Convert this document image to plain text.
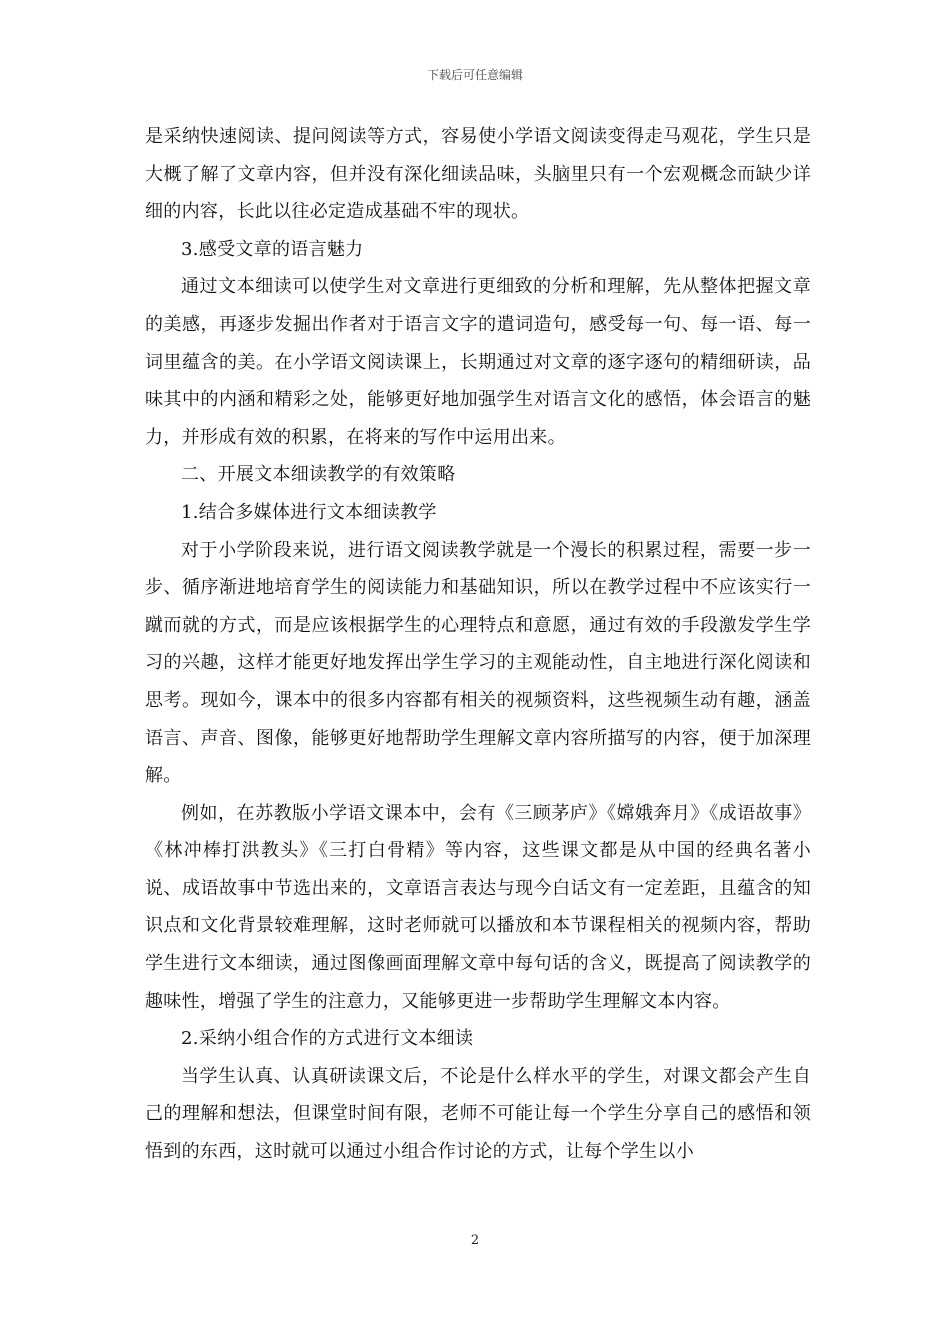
下载后可任意编辑

是采纳快速阅读、提问阅读等方式，容易使小学语文阅读变得走马观花，学生只是大概了解了文章内容，但并没有深化细读品味，头脑里只有一个宏观概念而缺少详细的内容，长此以往必定造成基础不牢的现状。

3.感受文章的语言魅力

通过文本细读可以使学生对文章进行更细致的分析和理解，先从整体把握文章的美感，再逐步发掘出作者对于语言文字的遣词造句，感受每一句、每一语、每一词里蕴含的美。在小学语文阅读课上，长期通过对文章的逐字逐句的精细研读，品味其中的内涵和精彩之处，能够更好地加强学生对语言文化的感悟，体会语言的魅力，并形成有效的积累，在将来的写作中运用出来。

二、开展文本细读教学的有效策略

1.结合多媒体进行文本细读教学

对于小学阶段来说，进行语文阅读教学就是一个漫长的积累过程，需要一步一步、循序渐进地培育学生的阅读能力和基础知识，所以在教学过程中不应该实行一蹴而就的方式，而是应该根据学生的心理特点和意愿，通过有效的手段激发学生学习的兴趣，这样才能更好地发挥出学生学习的主观能动性，自主地进行深化阅读和思考。现如今，课本中的很多内容都有相关的视频资料，这些视频生动有趣，涵盖语言、声音、图像，能够更好地帮助学生理解文章内容所描写的内容，便于加深理解。

例如，在苏教版小学语文课本中，会有《三顾茅庐》《嫦娥奔月》《成语故事》《林冲棒打洪教头》《三打白骨精》等内容，这些课文都是从中国的经典名著小说、成语故事中节选出来的，文章语言表达与现今白话文有一定差距，且蕴含的知识点和文化背景较难理解，这时老师就可以播放和本节课程相关的视频内容，帮助学生进行文本细读，通过图像画面理解文章中每句话的含义，既提高了阅读教学的趣味性，增强了学生的注意力，又能够更进一步帮助学生理解文本内容。

2.采纳小组合作的方式进行文本细读

当学生认真、认真研读课文后，不论是什么样水平的学生，对课文都会产生自己的理解和想法，但课堂时间有限，老师不可能让每一个学生分享自己的感悟和领悟到的东西，这时就可以通过小组合作讨论的方式，让每个学生以小

2
